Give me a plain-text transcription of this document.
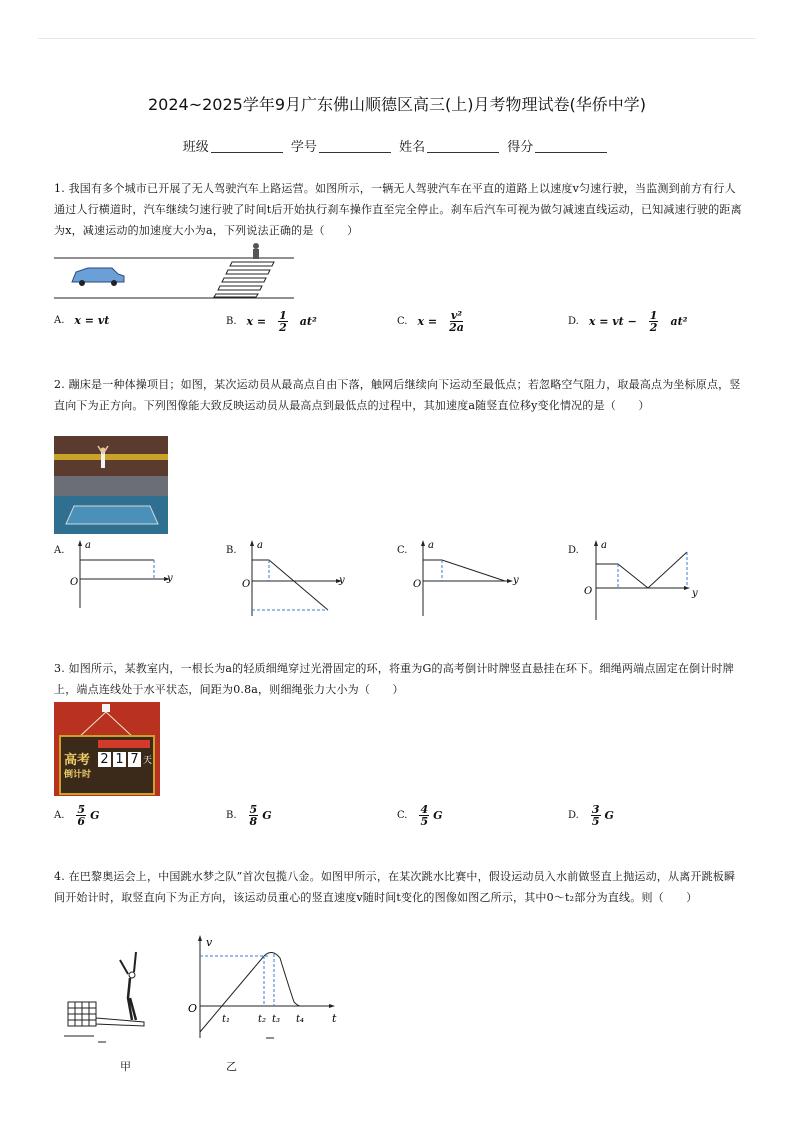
2024~2025学年9月广东佛山顺德区高三(上)月考物理试卷(华侨中学)
班级	学号	姓名	得分
1. 我国有多个城市已开展了无人驾驶汽车上路运营。如图所示，一辆无人驾驶汽车在平直的道路上以速度v匀速行驶，当监测到前方有行人通过人行横道时，汽车继续匀速行驶了时间t后开始执行刹车操作直至完全停止。刹车后汽车可视为做匀减速直线运动，已知减速行驶的距离为x，减速运动的加速度大小为a，下列说法正确的是（　　）
A. x = vt	B. $x = \frac{1}{2} at^2$	C. $x = \frac{\text{v²}}{2a}$	D. x = vt − $\frac{1}{2} at^2$
2. 蹦床是一种体操项目；如图，某次运动员从最高点自由下落，触网后继续向下运动至最低点；若忽略空气阻力，取最高点为坐标原点，竖直向下为正方向。下列图像能大致反映运动员从最高点到最低点的过程中，其加速度a随竖直位移y变化情况的是（　　）
A. a
O	y
B. a
O	y
C. a
O	y
D. a
O	y
3. 如图所示，某教室内，一根长为a的轻质细绳穿过光滑固定的环，将重为G的高考倒计时牌竖直悬挂在环下。细绳两端点固定在倒计时牌上，端点连线处于水平状态，间距为0.8a，则细绳张力大小为（　　）
高考
倒计时
2 1 7 天
A. $\frac{5}{6}$ G	B. $\frac{5}{8}$ G	C. $\frac{4}{5}$ G	D. $\frac{3}{5}$ G
4. 在巴黎奥运会上，中国跳水梦之队”首次包揽八金。如图甲所示，在某次跳水比赛中，假设运动员入水前做竖直上抛运动，从离开跳板瞬间开始计时，取竖直向下为正方向，该运动员重心的竖直速度v随时间t变化的图像如图乙所示，其中0～t₂部分为直线。则（　　）
甲
v
O
t
t₁	t₂ t₃ t₄
乙
